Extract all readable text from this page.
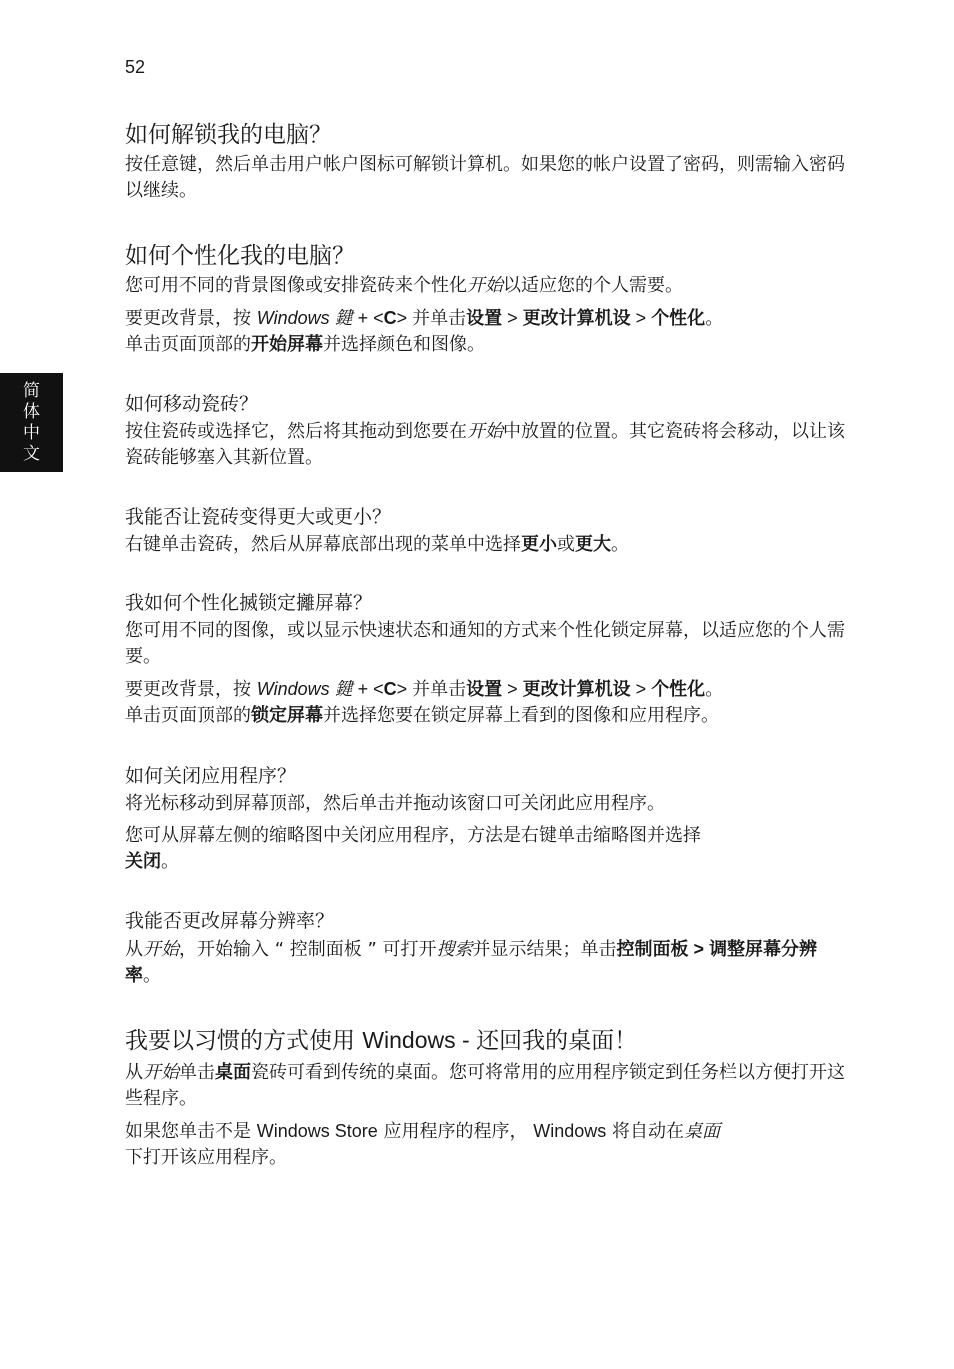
52
简
体
中
文
如何解锁我的电脑？

按任意键，然后单击用户帐户图标可解锁计算机。如果您的帐户设置了密码，则需输入密码以继续。

如何个性化我的电脑？

您可用不同的背景图像或安排瓷砖来个性化开始以适应您的个人需要。

要更改背景，按 Windows 鍵 + <C> 并单击设置 > 更改计算机设 > 个性化。
单击页面顶部的开始屏幕并选择颜色和图像。

如何移动瓷砖？

按住瓷砖或选择它，然后将其拖动到您要在开始中放置的位置。其它瓷砖将会移动，以让该瓷砖能够塞入其新位置。

我能否让瓷砖变得更大或更小？

右键单击瓷砖，然后从屏幕底部出现的菜单中选择更小或更大。

我如何个性化搣锁定攡屏幕？

您可用不同的图像，或以显示快速状态和通知的方式来个性化锁定屏幕，以适应您的个人需要。

要更改背景，按 Windows 鍵 + <C> 并单击设置 > 更改计算机设 > 个性化。
单击页面顶部的锁定屏幕并选择您要在锁定屏幕上看到的图像和应用程序。

如何关闭应用程序？

将光标移动到屏幕顶部，然后单击并拖动该窗口可关闭此应用程序。

您可从屏幕左侧的缩略图中关闭应用程序，方法是右键单击缩略图并选择
关闭。

我能否更改屏幕分辨率？

从开始，开始输入 “ 控制面板 ” 可打开搜索并显示结果；单击控制面板 > 调整屏幕分辨率。

我要以习惯的方式使用 Windows - 还回我的桌面！

从开始单击桌面瓷砖可看到传统的桌面。您可将常用的应用程序锁定到任务栏以方便打开这些程序。

如果您单击不是 Windows Store 应用程序的程序， Windows 将自动在桌面
下打开该应用程序。
